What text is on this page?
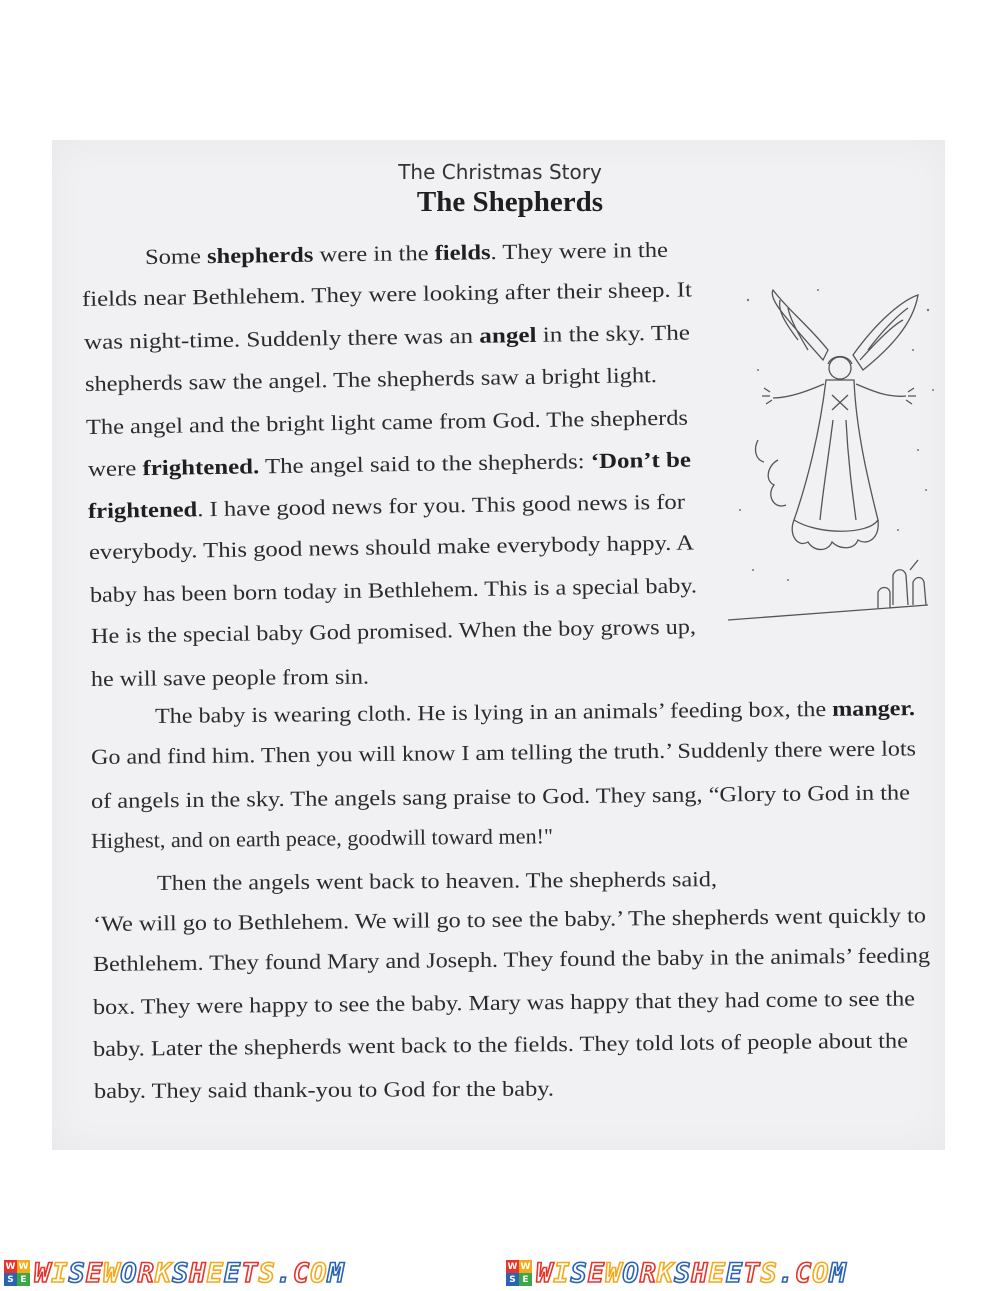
The Christmas Story
The Shepherds
Some shepherds were in the fields. They were in the
fields near Bethlehem. They were looking after their sheep. It
was night-time. Suddenly there was an angel in the sky. The
shepherds saw the angel. The shepherds saw a bright light.
The angel and the bright light came from God. The shepherds
were frightened. The angel said to the shepherds: ‘Don’t be
frightened. I have good news for you. This good news is for
everybody. This good news should make everybody happy. A
baby has been born today in Bethlehem. This is a special baby.
He is the special baby God promised. When the boy grows up,
he will save people from sin.
The baby is wearing cloth. He is lying in an animals’ feeding box, the manger.
Go and find him. Then you will know I am telling the truth.’ Suddenly there were lots
of angels in the sky. The angels sang praise to God. They sang, “Glory to God in the
Highest, and on earth peace, goodwill toward men!"
Then the angels went back to heaven. The shepherds said,
‘We will go to Bethlehem. We will go to see the baby.’ The shepherds went quickly to
Bethlehem. They found Mary and Joseph. They found the baby in the animals’ feeding
box. They were happy to see the baby. Mary was happy that they had come to see the
baby. Later the shepherds went back to the fields. They told lots of people about the
baby. They said thank-you to God for the baby.
W W
S E WISEWORKSHEETS.COM	W W
S E WISEWORKSHEETS.COM
